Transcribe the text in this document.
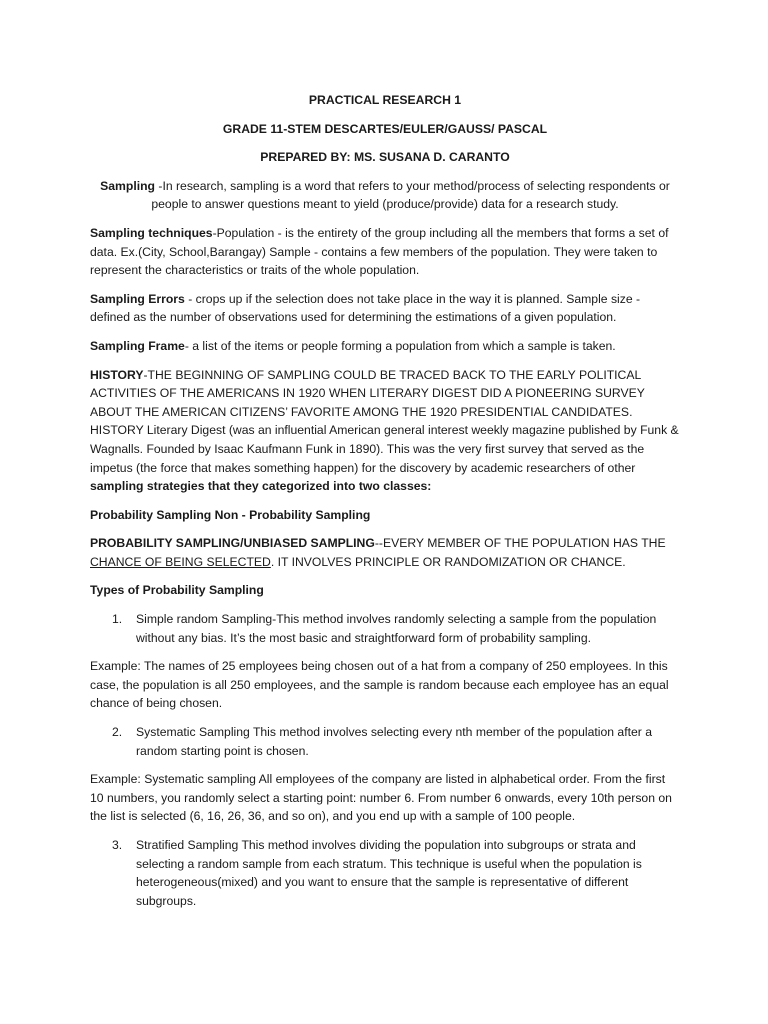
PRACTICAL RESEARCH 1
GRADE 11-STEM DESCARTES/EULER/GAUSS/ PASCAL
PREPARED BY: MS. SUSANA D. CARANTO

Sampling -In research, sampling is a word that refers to your method/process of selecting respondents or people to answer questions meant to yield (produce/provide) data for a research study.

Sampling techniques-Population - is the entirety of the group including all the members that forms a set of data. Ex.(City, School,Barangay) Sample - contains a few members of the population. They were taken to represent the characteristics or traits of the whole population.

Sampling Errors - crops up if the selection does not take place in the way it is planned. Sample size - defined as the number of observations used for determining the estimations of a given population.

Sampling Frame- a list of the items or people forming a population from which a sample is taken.

HISTORY-THE BEGINNING OF SAMPLING COULD BE TRACED BACK TO THE EARLY POLITICAL ACTIVITIES OF THE AMERICANS IN 1920 WHEN LITERARY DIGEST DID A PIONEERING SURVEY ABOUT THE AMERICAN CITIZENS’ FAVORITE AMONG THE 1920 PRESIDENTIAL CANDIDATES. HISTORY Literary Digest (was an influential American general interest weekly magazine published by Funk & Wagnalls. Founded by Isaac Kaufmann Funk in 1890). This was the very first survey that served as the impetus (the force that makes something happen) for the discovery by academic researchers of other sampling strategies that they categorized into two classes:

Probability Sampling Non - Probability Sampling

PROBABILITY SAMPLING/UNBIASED SAMPLING--EVERY MEMBER OF THE POPULATION HAS THE CHANCE OF BEING SELECTED. IT INVOLVES PRINCIPLE OR RANDOMIZATION OR CHANCE.

Types of Probability Sampling

1. Simple random Sampling-This method involves randomly selecting a sample from the population without any bias. It’s the most basic and straightforward form of probability sampling.

Example: The names of 25 employees being chosen out of a hat from a company of 250 employees. In this case, the population is all 250 employees, and the sample is random because each employee has an equal chance of being chosen.

2. Systematic Sampling This method involves selecting every nth member of the population after a random starting point is chosen.

Example: Systematic sampling All employees of the company are listed in alphabetical order. From the first 10 numbers, you randomly select a starting point: number 6. From number 6 onwards, every 10th person on the list is selected (6, 16, 26, 36, and so on), and you end up with a sample of 100 people.

3. Stratified Sampling This method involves dividing the population into subgroups or strata and selecting a random sample from each stratum. This technique is useful when the population is heterogeneous(mixed) and you want to ensure that the sample is representative of different subgroups.
